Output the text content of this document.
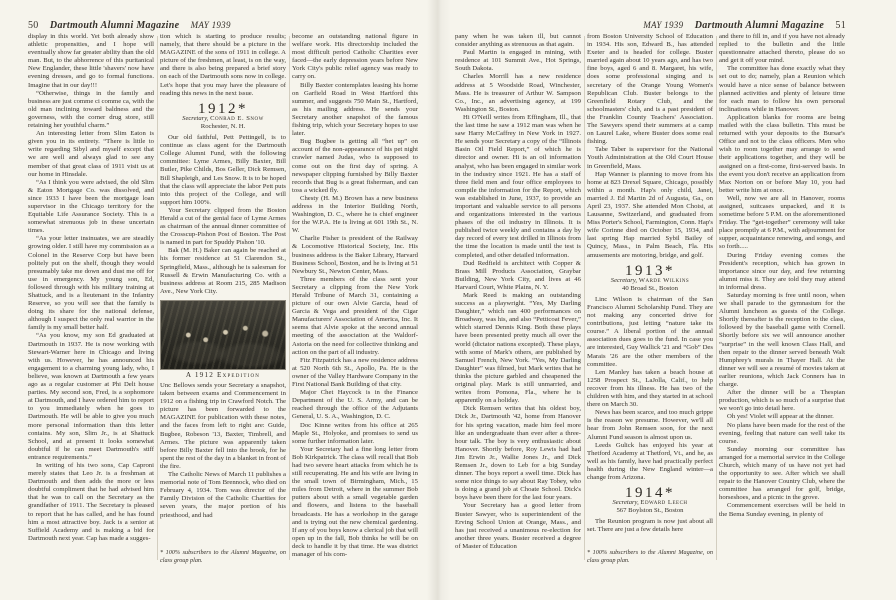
50 Dartmouth Alumni Magazine MAY 1939	MAY 1939 Dartmouth Alumni Magazine 51

display in this world. Yet both already show athletic propensities, and I hope will eventually show far greater ability than the old man. But, to the abhorrence of this puritanical New Englander, these little 'shavers' now have evening dresses, and go to formal functions. Imagine that in our day!!!

“Otherwise, things in the family and business are just comme ci comme ca, with the old man inclining toward baldness and the governess, with the corner drug store, still retaining her youthful charm.”

An interesting letter from Slim Eaton is given you in its entirety. “There is little to write regarding Sibyl and myself except that we are well and always glad to see any member of that great class of 1911 visit us at our home in Hinsdale.

“As I think you were advised, the old Slim & Eaton Mortgage Co. was dissolved, and since 1933 I have been the mortgage loan supervisor in the Chicago territory for the Equitable Life Assurance Society. This is a somewhat strenuous job in these uncertain times.

“As your letter insinuates, we are steadily growing older. I still have my commission as a Colonel in the Reserve Corp but have been politely put on the shelf, though they would presumably take me down and dust me off for use in emergency. My young son, Ed, followed through with his military training at Shattuck, and is a lieutenant in the Infantry Reserve, so you will see that the family is doing its share for the national defense, although I suspect the only real warrior in the family is my small better half.

“As you know, my son Ed graduated at Dartmouth in 1937. He is now working with Stewart-Warner here in Chicago and living with us. However, he has announced his engagement to a charming young lady, who, I believe, was known at Dartmouth a few years ago as a regular customer at Phi Delt house parties. My second son, Fred, is a sophomore at Dartmouth, and I have ordered him to report to you immediately when he goes to Dartmouth. He will be able to give you much more personal information than this letter contains. My son, Slim Jr., is at Shattuck School, and at present it looks somewhat doubtful if he can meet Dartmouth's stiff entrance requirements.”

In writing of his two sons, Cap Caproni merely states that Leo Jr. is a freshman at Dartmouth and then adds the more or less doubtful compliment that he had advised him that he was to call on the Secretary as the grandfather of 1911. The Secretary is pleased to report that he has called, and he has found him a most attractive boy. Jack is a senior at Suffield Academy and is making a bid for Dartmouth next year. Cap has made a sugges-

tion which is starting to produce results; namely, that there should be a picture in the MAGAZINE of the sons of 1911 in college. A picture of the freshmen, at least, is on the way, and there is also being prepared a brief story on each of the Dartmouth sons now in college. Let's hope that you may have the pleasure of reading this news in the next issue.

1912*

Secretary, Conrad E. Snow

Rochester, N. H.

Our old faithful, Pett Pettingell, is to continue as class agent for the Dartmouth College Alumni Fund, with the following committee: Lyme Armes, Billy Baxter, Bill Butler, Pike Childs, Bos Geller, Dick Remsen, Bill Shapleigh, and Les Snow. It is to be hoped that the class will appreciate the labor Pett puts into this project of the College, and will support him 100%.

Your Secretary clipped from the Boston Herald a cut of the genial face of Lyme Armes as chairman of the annual dinner committee of the Crosscup-Pishon Post of Boston. The Post is named in part for Spuddy Pishon '10.

Bak (M. H.) Baker can again be reached at his former residence at 51 Clarendon St., Springfield, Mass., although he is salesman for Russell & Erwin Manufacturing Co. with a business address at Room 215, 285 Madison Ave., New York City.

A 1912 Expedition

Unc Bellows sends your Secretary a snapshot, taken between exams and Commencement in 1912 on a fishing trip in Crawford Notch. The picture has been forwarded to the MAGAZINE for publication with these notes, and the faces from left to right are: Guide, Bugbee, Robeson '13, Baxter, Timbrell, and Armes. The picture was apparently taken before Billy Baxter fell into the brook, for he spent the rest of the day in a blanket in front of the fire.

The Catholic News of March 11 publishes a memorial note of Tom Brennock, who died on February 4, 1934. Tom was director of the Family Division of the Catholic Charities for seven years, the major portion of his priesthood, and had

* 100% subscribers to the Alumni Magazine, on class group plan.

become an outstanding national figure in welfare work. His directorship included the most difficult period Catholic Charities ever faced—the early depression years before New York City's public relief agency was ready to carry on.

Billy Baxter contemplates leasing his home on Garfield Road in West Hartford this summer, and suggests 750 Main St., Hartford, as his mailing address. He sends your Secretary another snapshot of the famous fishing trip, which your Secretary hopes to use later.

Bug Bugbee is getting all “het up” on account of the non-appearance of his pet night crawler named Judas, who is supposed to come out on the first day of spring. A newspaper clipping furnished by Billy Baxter records that Bug is a great fisherman, and can toss a wicked fly.

Chesty (H. M.) Brown has a new business address in the Interior Building North, Washington, D. C., where he is chief engineer for the W.P.A. He is living at 601 19th St., N. W.

Charlie Fisher is president of the Railway & Locomotive Historical Society, Inc. His business address is the Baker Library, Harvard Business School, Boston, and he is living at 51 Newbury St., Newton Center, Mass.

Three members of the class sent your Secretary a clipping from the New York Herald Tribune of March 31, containing a picture of our own Alvie Garcia, head of Garcia & Vega and president of the Cigar Manufacturers' Association of America, Inc. It seems that Alvie spoke at the second annual meeting of the association at the Waldorf-Astoria on the need for collective thinking and action on the part of all industry.

Fitz Fitzpatrick has a new residence address at 520 North 6th St., Apollo, Pa. He is the owner of the Valley Hardware Company in the First National Bank Building of that city.

Major Chet Haycock is in the Finance Department of the U. S. Army, and can be reached through the office of the Adjutants General, U. S. A., Washington, D. C.

Doc Kinne writes from his office at 265 Maple St., Holyoke, and promises to send us some further information later.

Your Secretary had a fine long letter from Bob Kirkpatrick. The class will recall that Bob had two severe heart attacks from which he is still recuperating. He and his wife are living in the small town of Birmingham, Mich., 15 miles from Detroit, where in the summer Bob putters about with a small vegetable garden and flowers, and listens to the baseball broadcasts. He has a workshop in the garage and is trying out the new chemical gardening. If any of you boys know a clerical job that will open up in the fall, Bob thinks he will be on deck to handle it by that time. He was district manager of his com-

pany when he was taken ill, but cannot consider anything as strenuous as that again.

Paul Martin is engaged in mining, with residence at 101 Summit Ave., Hot Springs, South Dakota.

Charles Morrill has a new residence address at 5 Woodside Road, Winchester, Mass. He is treasurer of Arthur W. Sampson Co., Inc., an advertising agency, at 199 Washington St., Boston.

Hi O'Neill writes from Effingham, Ill., that the last time he saw a 1912 man was when he saw Harry McCaffrey in New York in 1927. He sends your Secretary a copy of the “Illinois Basin Oil Field Report,” of which he is director and owner. Hi is an oil information analyst, who has been engaged in similar work in the industry since 1921. He has a staff of three field men and four office employees to compile the information for the Report, which was established in June, 1937, to provide an important and valuable service to all persons and organizations interested in the various phases of the oil industry in Illinois. It is published twice weekly and contains a day by day record of every test drilled in Illinois from the time the location is made until the test is completed, and other detailed information.

Dud Redfield is architect with Copper & Brass Mill Products Association, Graybar Building, New York City, and lives at 46 Harvard Court, White Plains, N. Y.

Mark Reed is making an outstanding success as a playwright. “Yes, My Darling Daughter,” which ran 400 performances on Broadway, was his, and also “Petticoat Fever,” which starred Dennis King. Both these plays have been presented pretty much all over the world (dictator nations excepted). These plays, with some of Mark's others, are published by Samuel French, New York. “Yes, My Darling Daughter” was filmed, but Mark writes that he thinks the picture garbled and cheapened the original play. Mark is still unmarried, and writes from Pomona, Fla., where he is apparently on a holiday.

Dick Remsen writes that his oldest boy, Dick Jr., Dartmouth '42, home from Hanover for his spring vacation, made him feel more like an undergraduate than ever after a three-hour talk. The boy is very enthusiastic about Hanover. Shortly before, Roy Lewis had had Jim Erwin Jr., Wallie Jones Jr., and Dick Remsen Jr., down to Leb for a big Sunday dinner. The boys report a swell time. Dick has some nice things to say about Ray Tobey, who is doing a grand job at Choate School. Dick's boys have been there for the last four years.

Your Secretary has a good letter from Buster Sawyer, who is superintendent of the Erving School Union at Orange, Mass., and has just received a unanimous re-election for another three years. Buster received a degree of Master of Education

from Boston University School of Education in 1934. His son, Edward B., has attended Exeter and is headed for college. Buster married again about 10 years ago, and has two fine boys, aged 6 and 8. Margaret, his wife, does some professional singing and is secretary of the Orange Young Women's Republican Club. Buster belongs to the Greenfield Rotary Club, and the schoolmasters' club, and is a past president of the Franklin County Teachers' Association. The Sawyers spend their summers at a camp on Laurel Lake, where Buster does some real fishing.

Tabe Taber is supervisor for the National Youth Administration at the Old Court House in Greenfield, Mass.

Hap Wanner is planning to move from his home at 823 Drexel Square, Chicago, possibly within a month. Hap's only child, Janet, married J. Ed Martin 2d of Augusta, Ga., on April 23, 1937. She attended Mon Choisi, at Lausanne, Switzerland, and graduated from Miss Porter's School, Farmington, Conn. Hap's wife Corinne died on October 15, 1934, and last spring Hap married Sybil Bailey of Quincy, Mass., in Palm Beach, Fla. His amusements are motoring, bridge, and golf.

1913*

Secretary, Warde Wilkins

40 Broad St., Boston

Linc Wilson is chairman of the San Francisco Alumni Scholarship Fund. They are not making any concerted drive for contributions, just letting “nature take its course.” A liberal portion of the annual association dues goes to the fund. In case you are interested, Guy Wallick '21 and “Gob” Des Marais '26 are the other members of the committee.

Len Manley has taken a beach house at 1258 Prospect St., LaJolla, Calif., to help recover from his illness. He has two of the children with him, and they started in at school there on March 30.

News has been scarce, and too much grippe is the reason we presume. However, we'll all hear from John Remsen soon, for the next Alumni Fund season is almost upon us.

Leeds Gulick has enjoyed his year at Thetford Academy at Thetford, Vt., and he, as well as his family, have had practically perfect health during the New England winter—a change from Arizona.

1914*

Secretary, Edward Leech

567 Boylston St., Boston

The Reunion program is now just about all set. There are just a few details here

* 100% subscribers to the Alumni Magazine, on class group plan.

and there to fill in, and if you have not already replied to the bulletin and the little questionnaire attached thereto, please do so and get it off your mind.

The committee has done exactly what they set out to do; namely, plan a Reunion which would have a nice sense of balance between planned activities and plenty of leisure time for each man to follow his own personal inclinations while in Hanover.

Application blanks for rooms are being mailed with the class bulletin. This must be returned with your deposits to the Bursar's Office and not to the class officers. Men who wish to room together may arrange to send their applications together, and they will be assigned on a first-come, first-served basis. In the event you don't receive an application from Max Norton on or before May 10, you had better write him at once.

Well, now we are all in Hanover, rooms assigned, suitcases unpacked, and it is sometime before 5 P.M. on the aforementioned Friday. The “get-together” ceremony will take place promptly at 6 P.M., with adjournment for supper, acquaintance renewing, and songs, and so forth.....

During Friday evening comes the President's reception, which has grown in importance since our day, and few returning alumni miss it. They are told they may attend in informal dress.

Saturday morning is free until noon, when we shall parade to the gymnasium for the Alumni luncheon as guests of the College. Shortly thereafter is the reception to the class, followed by the baseball game with Cornell. Shortly before six we will announce another “surprise” in the well known Class Hall, and then repair to the dinner served beneath Walt Humphrey's murals in Thayer Hall. At the dinner we will see a resumé of movies taken at earlier reunions, which Jack Conners has in charge.

After the dinner will be a Thespian production, which is so much of a surprise that we won't go into detail here.

Oh yes! Violet will appear at the dinner.

No plans have been made for the rest of the evening, feeling that nature can well take its course.

Sunday morning our committee has arranged for a memorial service in the College Church, which many of us have not yet had the opportunity to see. After which we shall repair to the Hanover Country Club, where the committee has arranged for golf, bridge, horseshoes, and a picnic in the grove.

Commencement exercises will be held in the Bema Sunday evening, in plenty of
